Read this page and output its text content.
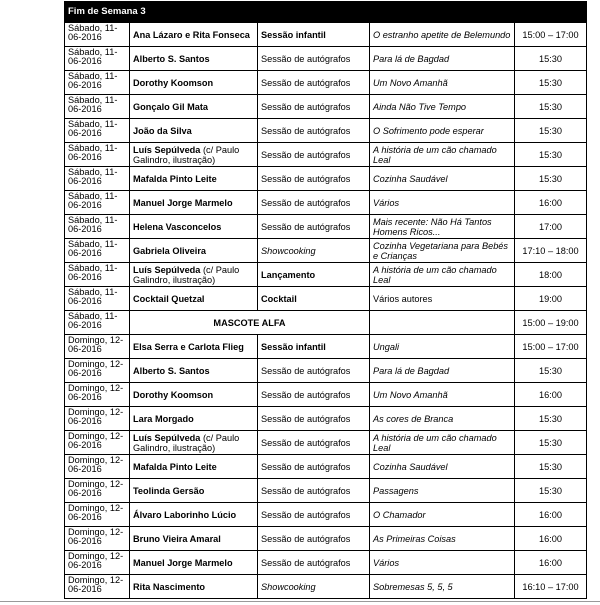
Fim de Semana 3				
Sábado, 11-06-2016	Ana Lázaro e Rita Fonseca	Sessão infantil	O estranho apetite de Belemundo	15:00 – 17:00
Sábado, 11-06-2016	Alberto S. Santos	Sessão de autógrafos	Para lá de Bagdad	15:30
Sábado, 11-06-2016	Dorothy Koomson	Sessão de autógrafos	Um Novo Amanhã	15:30
Sábado, 11-06-2016	Gonçalo Gil Mata	Sessão de autógrafos	Ainda Não Tive Tempo	15:30
Sábado, 11-06-2016	João da Silva	Sessão de autógrafos	O Sofrimento pode esperar	15:30
Sábado, 11-06-2016	Luís Sepúlveda (c/ Paulo Galindro, ilustração)	Sessão de autógrafos	A história de um cão chamado Leal	15:30
Sábado, 11-06-2016	Mafalda Pinto Leite	Sessão de autógrafos	Cozinha Saudável	15:30
Sábado, 11-06-2016	Manuel Jorge Marmelo	Sessão de autógrafos	Vários	16:00
Sábado, 11-06-2016	Helena Vasconcelos	Sessão de autógrafos	Mais recente: Não Há Tantos Homens Ricos...	17:00
Sábado, 11-06-2016	Gabriela Oliveira	Showcooking	Cozinha Vegetariana para Bebés e Crianças	17:10 – 18:00
Sábado, 11-06-2016	Luís Sepúlveda (c/ Paulo Galindro, ilustração)	Lançamento	A história de um cão chamado Leal	18:00
Sábado, 11-06-2016	Cocktail Quetzal	Cocktail	Vários autores	19:00
Sábado, 11-06-2016	MASCOTE ALFA			15:00 – 19:00
Domingo, 12-06-2016	Elsa Serra e Carlota Flieg	Sessão infantil	Ungali	15:00 – 17:00
Domingo, 12-06-2016	Alberto S. Santos	Sessão de autógrafos	Para lá de Bagdad	15:30
Domingo, 12-06-2016	Dorothy Koomson	Sessão de autógrafos	Um Novo Amanhã	16:00
Domingo, 12-06-2016	Lara Morgado	Sessão de autógrafos	As cores de Branca	15:30
Domingo, 12-06-2016	Luís Sepúlveda (c/ Paulo Galindro, ilustração)	Sessão de autógrafos	A história de um cão chamado Leal	15:30
Domingo, 12-06-2016	Mafalda Pinto Leite	Sessão de autógrafos	Cozinha Saudável	15:30
Domingo, 12-06-2016	Teolinda Gersão	Sessão de autógrafos	Passagens	15:30
Domingo, 12-06-2016	Álvaro Laborinho Lúcio	Sessão de autógrafos	O Chamador	16:00
Domingo, 12-06-2016	Bruno Vieira Amaral	Sessão de autógrafos	As Primeiras Coisas	16:00
Domingo, 12-06-2016	Manuel Jorge Marmelo	Sessão de autógrafos	Vários	16:00
Domingo, 12-06-2016	Rita Nascimento	Showcooking	Sobremesas 5, 5, 5	16:10 – 17:00
